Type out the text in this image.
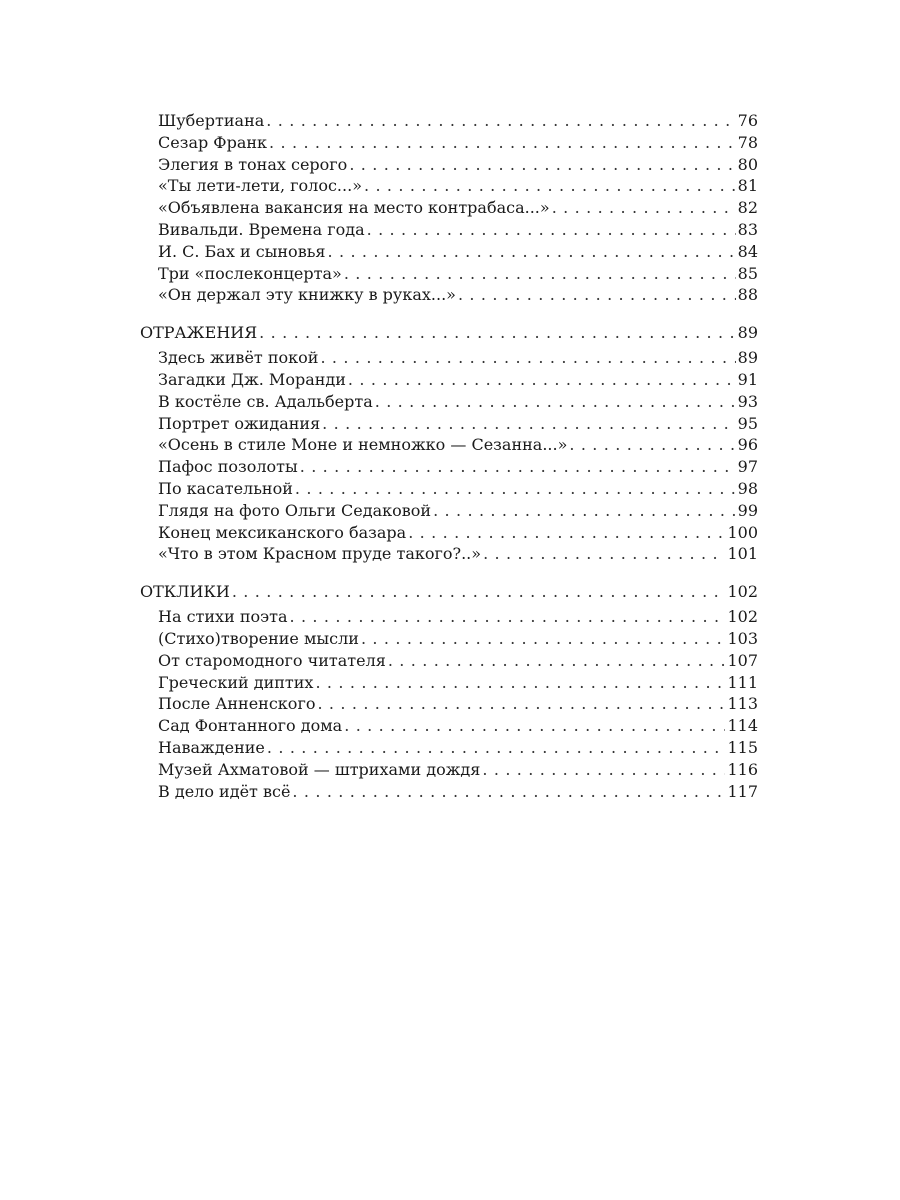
Шубертиана . . .	76
Сезар Франк . . .	78
Элегия в тонах серого . . .	80
«Ты лети-лети, голос...» . . .	81
«Объявлена вакансия на место контрабаса...» . . .	82
Вивальди. Времена года . . .	83
И. С. Бах и сыновья . . .	84
Три «послеконцерта» . . .	85
«Он держал эту книжку в руках...» . . .	88
ОТРАЖЕНИЯ . . .	89
Здесь живёт покой . . .	89
Загадки Дж. Моранди . . .	91
В костёле св. Адальберта . . .	93
Портрет ожидания . . .	95
«Осень в стиле Моне и немножко — Сезанна...» . . .	96
Пафос позолоты . . .	97
По касательной . . .	98
Глядя на фото Ольги Седаковой . . .	99
Конец мексиканского базара . . .	100
«Что в этом Красном пруде такого?..» . . .	101
ОТКЛИКИ . . .	102
На стихи поэта . . .	102
(Стихо)творение мысли . . .	103
От старомодного читателя . . .	107
Греческий диптих . . .	111
После Анненского . . .	113
Сад Фонтанного дома . . .	114
Наваждение . . .	115
Музей Ахматовой — штрихами дождя . . .	116
В дело идёт всё . . .	117
